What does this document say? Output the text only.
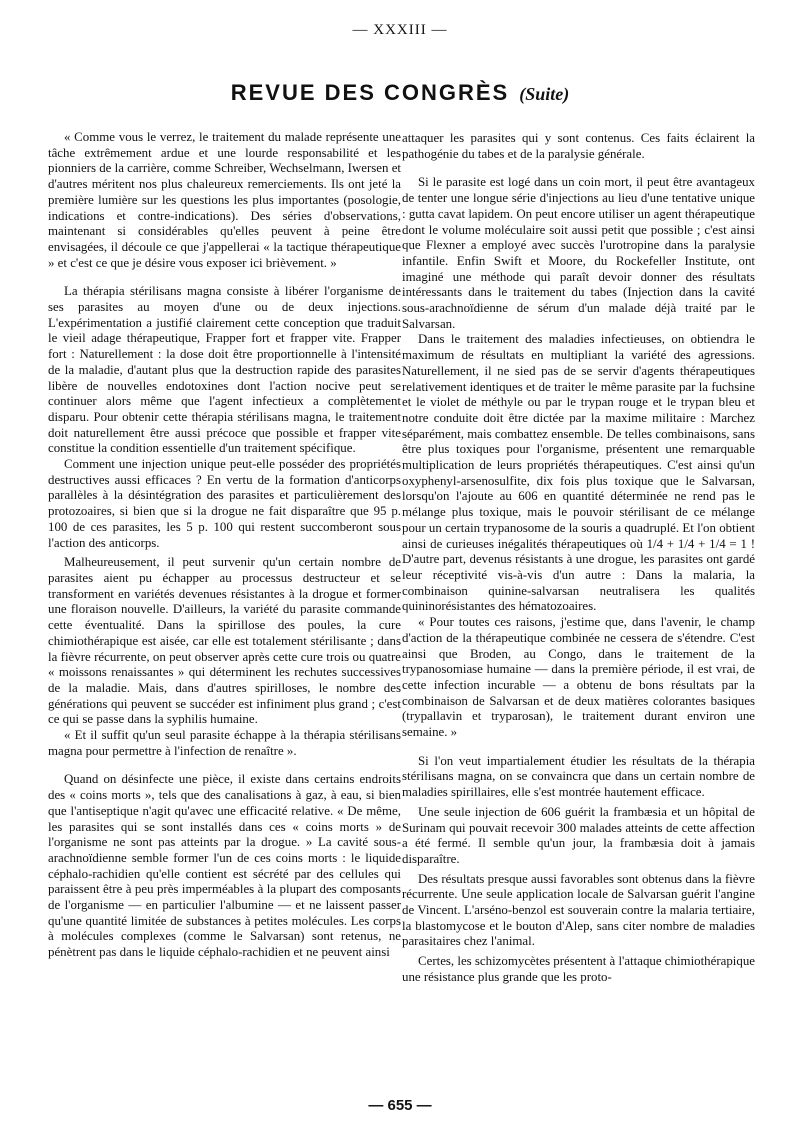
— XXXIII —
REVUE DES CONGRÈS (Suite)

« Comme vous le verrez, le traitement du malade représente une tâche extrêmement ardue et une lourde responsabilité et les pionniers de la carrière, comme Schreiber, Wechselmann, Iwersen et d'autres méritent nos plus chaleureux remerciements. Ils ont jeté la première lumière sur les questions les plus importantes (posologie, indications et contre-indications). Des séries d'observations, maintenant si considérables qu'elles peuvent à peine être envisagées, il découle ce que j'appellerai « la tactique thérapeutique » et c'est ce que je désire vous exposer ici brièvement. »

La thérapia stérilisans magna consiste à libérer l'organisme de ses parasites au moyen d'une ou de deux injections. L'expérimentation a justifié clairement cette conception que traduit le vieil adage thérapeutique, Frapper fort et frapper vite. Frapper fort : Naturellement : la dose doit être proportionnelle à l'intensité de la maladie, d'autant plus que la destruction rapide des parasites libère de nouvelles endotoxines dont l'action nocive peut se continuer alors même que l'agent infectieux a complètement disparu. Pour obtenir cette thérapia stérilisans magna, le traitement doit naturellement être aussi précoce que possible et frapper vite constitue la condition essentielle d'un traitement spécifique.

Comment une injection unique peut-elle posséder des propriétés destructives aussi efficaces ? En vertu de la formation d'anticorps parallèles à la désintégration des parasites et particulièrement des protozoaires, si bien que si la drogue ne fait disparaître que 95 p. 100 de ces parasites, les 5 p. 100 qui restent succomberont sous l'action des anticorps.

Malheureusement, il peut survenir qu'un certain nombre de parasites aient pu échapper au processus destructeur et se transforment en variétés devenues résistantes à la drogue et former une floraison nouvelle. D'ailleurs, la variété du parasite commande cette éventualité. Dans la spirillose des poules, la cure chimiothérapique est aisée, car elle est totalement stérilisante ; dans la fièvre récurrente, on peut observer après cette cure trois ou quatre « moissons renaissantes » qui déterminent les rechutes successives de la maladie. Mais, dans d'autres spirilloses, le nombre des générations qui peuvent se succéder est infiniment plus grand ; c'est ce qui se passe dans la syphilis humaine.

« Et il suffit qu'un seul parasite échappe à la thérapia stérilisans magna pour permettre à l'infection de renaître ».

Quand on désinfecte une pièce, il existe dans certains endroits des « coins morts », tels que des canalisations à gaz, à eau, si bien que l'antiseptique n'agit qu'avec une efficacité relative. « De même, les parasites qui se sont installés dans ces « coins morts » de l'organisme ne sont pas atteints par la drogue. » La cavité sous-arachnoïdienne semble former l'un de ces coins morts : le liquide céphalo-rachidien qu'elle contient est sécrété par des cellules qui paraissent être à peu près imperméables à la plupart des composants de l'organisme — en particulier l'albumine — et ne laissent passer qu'une quantité limitée de substances à petites molécules. Les corps à molécules complexes (comme le Salvarsan) sont retenus, ne pénètrent pas dans le liquide céphalo-rachidien et ne peuvent ainsi

attaquer les parasites qui y sont contenus. Ces faits éclairent la pathogénie du tabes et de la paralysie générale.

Si le parasite est logé dans un coin mort, il peut être avantageux de tenter une longue série d'injections au lieu d'une tentative unique : gutta cavat lapidem. On peut encore utiliser un agent thérapeutique dont le volume moléculaire soit aussi petit que possible ; c'est ainsi que Flexner a employé avec succès l'urotropine dans la paralysie infantile. Enfin Swift et Moore, du Rockefeller Institute, ont imaginé une méthode qui paraît devoir donner des résultats intéressants dans le traitement du tabes (Injection dans la cavité sous-arachnoïdienne de sérum d'un malade déjà traité par le Salvarsan.

Dans le traitement des maladies infectieuses, on obtiendra le maximum de résultats en multipliant la variété des agressions. Naturellement, il ne sied pas de se servir d'agents thérapeutiques relativement identiques et de traiter le même parasite par la fuchsine et le violet de méthyle ou par le trypan rouge et le trypan bleu et notre conduite doit être dictée par la maxime militaire : Marchez séparément, mais combattez ensemble. De telles combinaisons, sans être plus toxiques pour l'organisme, présentent une remarquable multiplication de leurs propriétés thérapeutiques. C'est ainsi qu'un oxyphenyl-arsenosulfite, dix fois plus toxique que le Salvarsan, lorsqu'on l'ajoute au 606 en quantité déterminée ne rend pas le mélange plus toxique, mais le pouvoir stérilisant de ce mélange pour un certain trypanosome de la souris a quadruplé. Et l'on obtient ainsi de curieuses inégalités thérapeutiques où 1/4 + 1/4 + 1/4 = 1 ! D'autre part, devenus résistants à une drogue, les parasites ont gardé leur réceptivité vis-à-vis d'un autre : Dans la malaria, la combinaison quinine-salvarsan neutralisera les qualités quininorésistantes des hématozoaires.

« Pour toutes ces raisons, j'estime que, dans l'avenir, le champ d'action de la thérapeutique combinée ne cessera de s'étendre. C'est ainsi que Broden, au Congo, dans le traitement de la trypanosomiase humaine — dans la première période, il est vrai, de cette infection incurable — a obtenu de bons résultats par la combinaison de Salvarsan et de deux matières colorantes basiques (trypallavin et tryparosan), le traitement durant environ une semaine. »

Si l'on veut impartialement étudier les résultats de la thérapia stérilisans magna, on se convaincra que dans un certain nombre de maladies spirillaires, elle s'est montrée hautement efficace.

Une seule injection de 606 guérit la frambæsia et un hôpital de Surinam qui pouvait recevoir 300 malades atteints de cette affection a été fermé. Il semble qu'un jour, la frambæsia doit à jamais disparaître.

Des résultats presque aussi favorables sont obtenus dans la fièvre récurrente. Une seule application locale de Salvarsan guérit l'angine de Vincent. L'arséno-benzol est souverain contre la malaria tertiaire, la blastomycose et le bouton d'Alep, sans citer nombre de maladies parasitaires chez l'animal.

Certes, les schizomycètes présentent à l'attaque chimiothérapique une résistance plus grande que les proto-

— 655 —
